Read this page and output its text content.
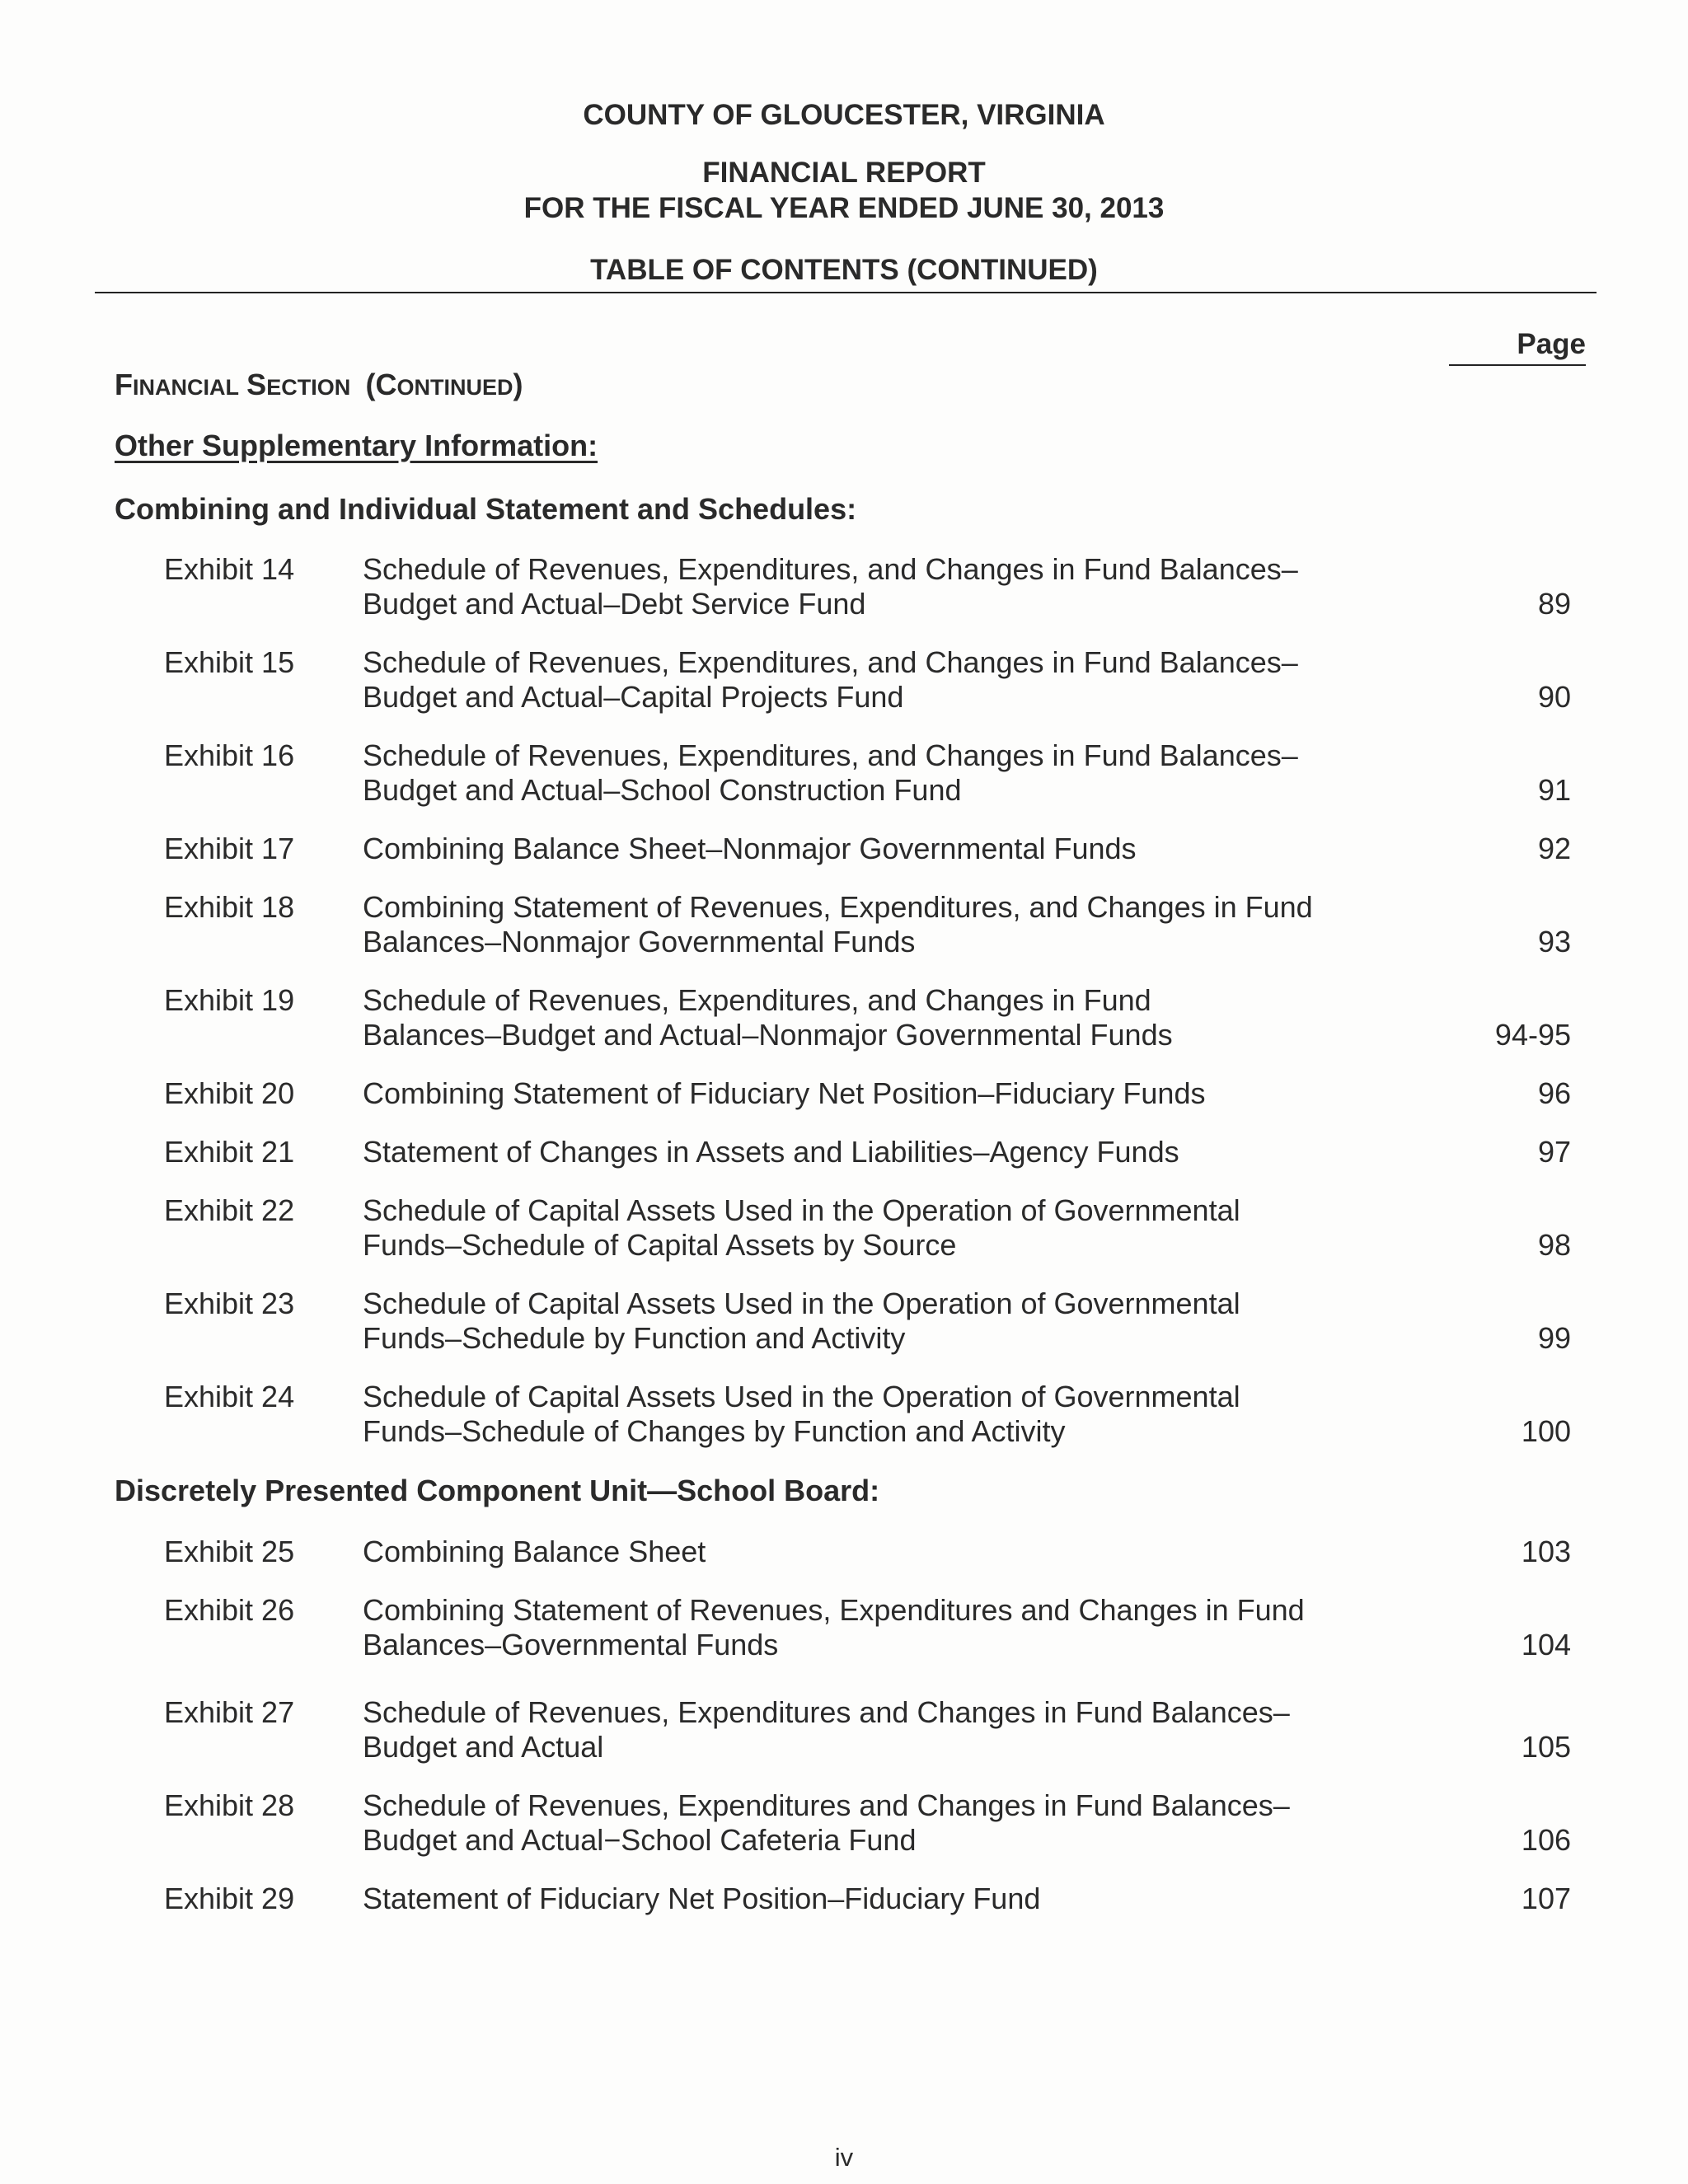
COUNTY OF GLOUCESTER, VIRGINIA
FINANCIAL REPORT
FOR THE FISCAL YEAR ENDED JUNE 30, 2013
TABLE OF CONTENTS (CONTINUED)
Page
FINANCIAL SECTION (CONTINUED)
Other Supplementary Information:
Combining and Individual Statement and Schedules:
Exhibit 14 Schedule of Revenues, Expenditures, and Changes in Fund Balances–
Budget and Actual–Debt Service Fund	89
Exhibit 15 Schedule of Revenues, Expenditures, and Changes in Fund Balances–
Budget and Actual–Capital Projects Fund	90
Exhibit 16 Schedule of Revenues, Expenditures, and Changes in Fund Balances–
Budget and Actual–School Construction Fund	91
Exhibit 17 Combining Balance Sheet–Nonmajor Governmental Funds	92
Exhibit 18 Combining Statement of Revenues, Expenditures, and Changes in Fund
Balances–Nonmajor Governmental Funds	93
Exhibit 19 Schedule of Revenues, Expenditures, and Changes in Fund
Balances–Budget and Actual–Nonmajor Governmental Funds	94-95
Exhibit 20 Combining Statement of Fiduciary Net Position–Fiduciary Funds	96
Exhibit 21 Statement of Changes in Assets and Liabilities–Agency Funds	97
Exhibit 22 Schedule of Capital Assets Used in the Operation of Governmental
Funds–Schedule of Capital Assets by Source	98
Exhibit 23 Schedule of Capital Assets Used in the Operation of Governmental
Funds–Schedule by Function and Activity	99
Exhibit 24 Schedule of Capital Assets Used in the Operation of Governmental
Funds–Schedule of Changes by Function and Activity	100
Discretely Presented Component Unit—School Board:
Exhibit 25 Combining Balance Sheet	103
Exhibit 26 Combining Statement of Revenues, Expenditures and Changes in Fund
Balances–Governmental Funds	104
Exhibit 27 Schedule of Revenues, Expenditures and Changes in Fund Balances–
Budget and Actual	105
Exhibit 28 Schedule of Revenues, Expenditures and Changes in Fund Balances–
Budget and Actual−School Cafeteria Fund	106
Exhibit 29 Statement of Fiduciary Net Position–Fiduciary Fund	107
iv
